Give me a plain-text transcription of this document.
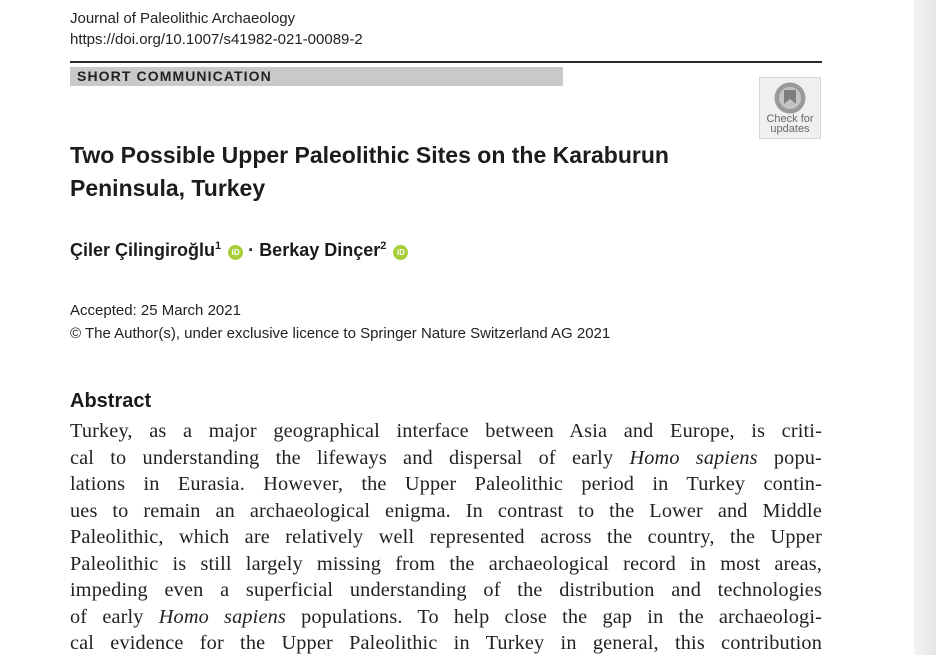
Journal of Paleolithic Archaeology
https://doi.org/10.1007/s41982-021-00089-2
SHORT COMMUNICATION
Check for
updates
Two Possible Upper Paleolithic Sites on the Karaburun
Peninsula, Turkey
Çiler Çilingiroğlu$^1$ iD · Berkay Dinçer$^2$ iD
Accepted: 25 March 2021
© The Author(s), under exclusive licence to Springer Nature Switzerland AG 2021
Abstract
Turkey, as a major geographical interface between Asia and Europe, is criti-
cal to understanding the lifeways and dispersal of early Homo sapiens popu-
lations in Eurasia. However, the Upper Paleolithic period in Turkey contin-
ues to remain an archaeological enigma. In contrast to the Lower and Middle
Paleolithic, which are relatively well represented across the country, the Upper
Paleolithic is still largely missing from the archaeological record in most areas,
impeding even a superficial understanding of the distribution and technologies
of early Homo sapiens populations. To help close the gap in the archaeologi-
cal evidence for the Upper Paleolithic in Turkey in general, this contribution
